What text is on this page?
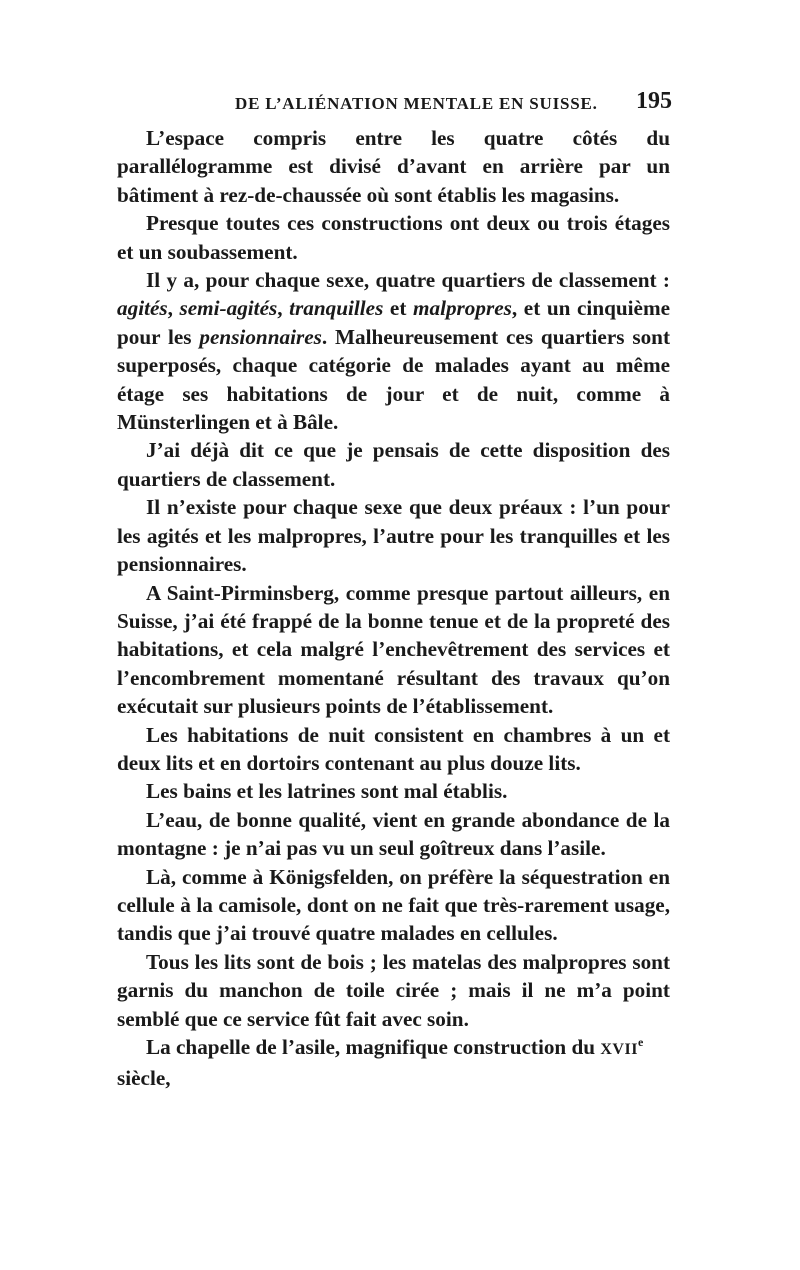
DE L’ALIÉNATION MENTALE EN SUISSE. 195

L’espace compris entre les quatre côtés du parallélogramme est divisé d’avant en arrière par un bâtiment à rez-de-chaussée où sont établis les magasins.

Presque toutes ces constructions ont deux ou trois étages et un soubassement.

Il y a, pour chaque sexe, quatre quartiers de classement : agités, semi-agités, tranquilles et malpropres, et un cinquième pour les pensionnaires. Malheureusement ces quartiers sont superposés, chaque catégorie de malades ayant au même étage ses habitations de jour et de nuit, comme à Münsterlingen et à Bâle.

J’ai déjà dit ce que je pensais de cette disposition des quartiers de classement.

Il n’existe pour chaque sexe que deux préaux : l’un pour les agités et les malpropres, l’autre pour les tranquilles et les pensionnaires.

A Saint-Pirminsberg, comme presque partout ailleurs, en Suisse, j’ai été frappé de la bonne tenue et de la propreté des habitations, et cela malgré l’enchevêtrement des services et l’encombrement momentané résultant des travaux qu’on exécutait sur plusieurs points de l’établissement.

Les habitations de nuit consistent en chambres à un et deux lits et en dortoirs contenant au plus douze lits.

Les bains et les latrines sont mal établis.

L’eau, de bonne qualité, vient en grande abondance de la montagne : je n’ai pas vu un seul goîtreux dans l’asile.

Là, comme à Königsfelden, on préfère la séquestration en cellule à la camisole, dont on ne fait que très-rarement usage, tandis que j’ai trouvé quatre malades en cellules.

Tous les lits sont de bois ; les matelas des malpropres sont garnis du manchon de toile cirée ; mais il ne m’a point semblé que ce service fût fait avec soin.

La chapelle de l’asile, magnifique construction du XVIIe siècle,
